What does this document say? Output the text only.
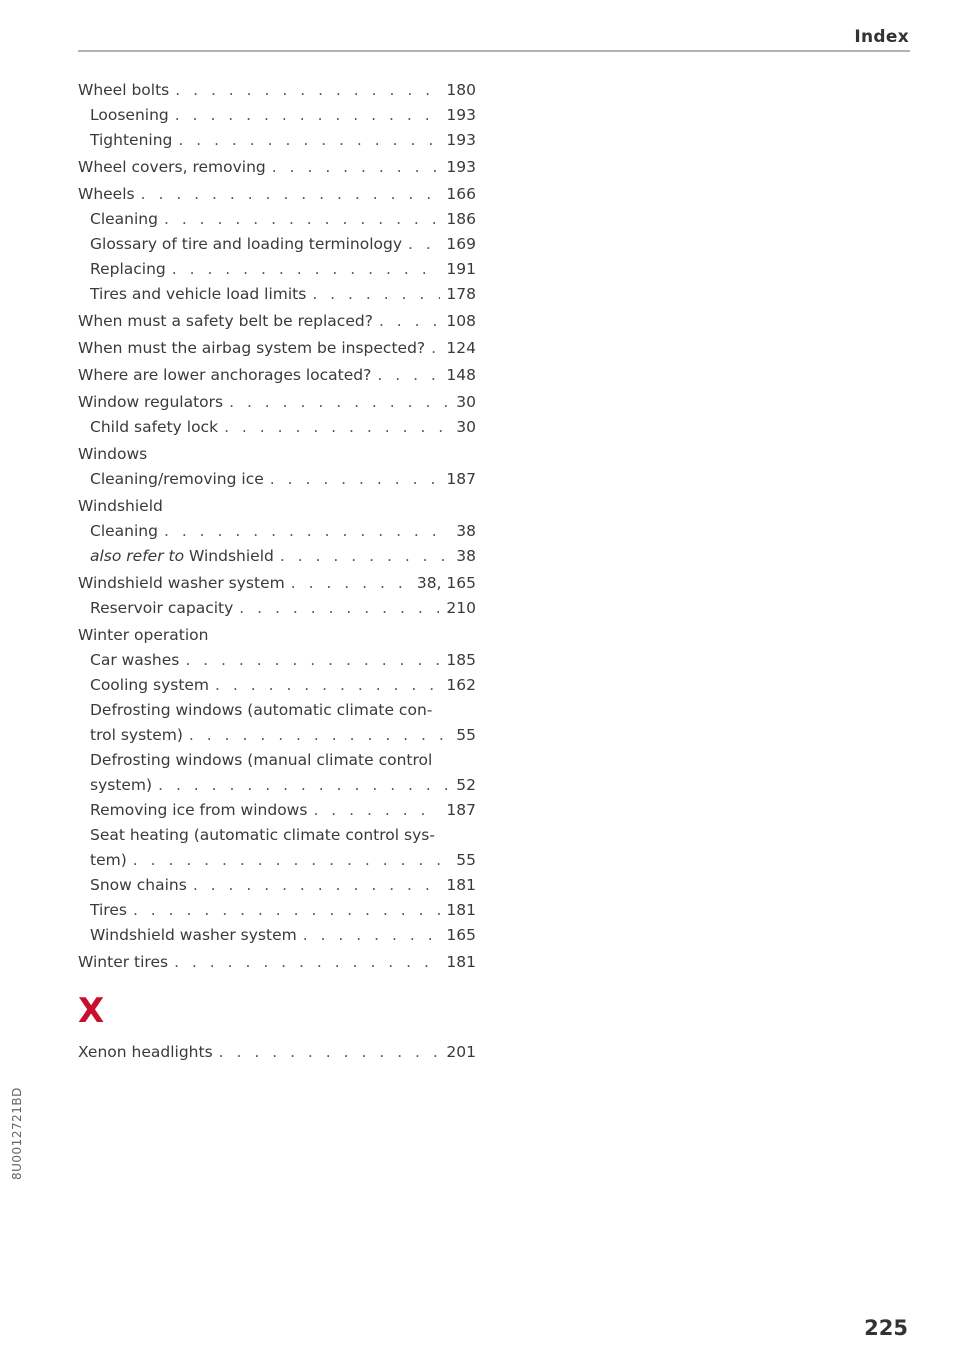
Index
Wheel bolts . . .	180
Loosening . . .	193
Tightening . . .	193
Wheel covers, removing . . .	193
Wheels . . .	166
Cleaning . . .	186
Glossary of tire and loading terminology . . .	169
Replacing . . .	191
Tires and vehicle load limits . . .	178
When must a safety belt be replaced? . . .	108
When must the airbag system be inspected? . . . 124
Where are lower anchorages located? . . .	148
Window regulators . . .	30
Child safety lock . . .	30
Windows
Cleaning/removing ice . . .	187
Windshield
Cleaning . . .	38
also refer to Windshield . . .	38
Windshield washer system . . .	38, 165
Reservoir capacity . . .	210
Winter operation
Car washes . . .	185
Cooling system . . .	162
Defrosting windows (automatic climate con-
trol system) . . .	55
Defrosting windows (manual climate control
system) . . .	52
Removing ice from windows . . .	187
Seat heating (automatic climate control sys-
tem) . . .	55
Snow chains . . .	181
Tires . . .	181
Windshield washer system . . .	165
Winter tires . . .	181
X
Xenon headlights . . .	201
8U0012721BD
225
